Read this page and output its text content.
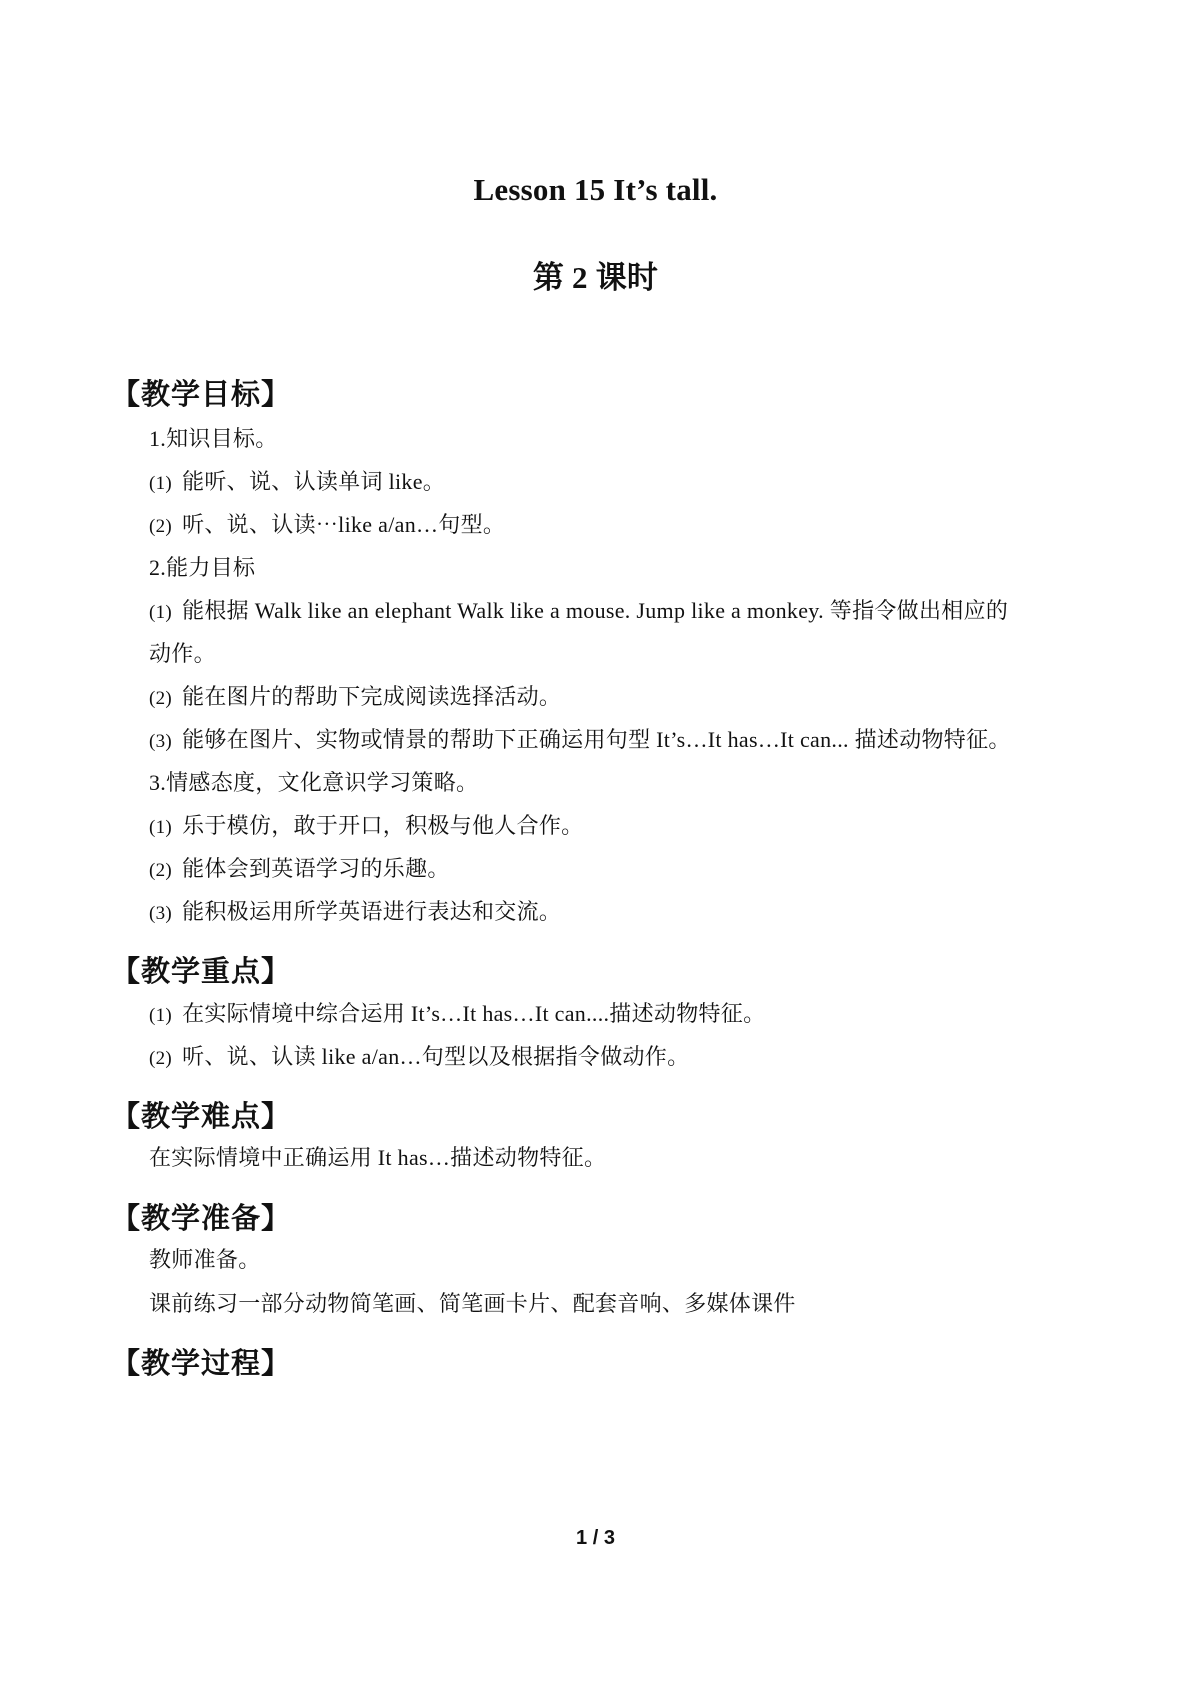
Lesson 15 It’s tall.
第 2 课时
【教学目标】
1.知识目标。
(1) 能听、说、认读单词 like。
(2) 听、说、认读⋯like a/an…句型。
2.能力目标
(1) 能根据 Walk like an elephant Walk like a mouse. Jump like a monkey. 等指令做出相应的
动作。
(2) 能在图片的帮助下完成阅读选择活动。
(3) 能够在图片、实物或情景的帮助下正确运用句型 It’s…It has…It can... 描述动物特征。
3.情感态度，文化意识学习策略。
(1) 乐于模仿，敢于开口，积极与他人合作。
(2) 能体会到英语学习的乐趣。
(3) 能积极运用所学英语进行表达和交流。
【教学重点】
(1) 在实际情境中综合运用 It’s…It has…It can....描述动物特征。
(2) 听、说、认读 like a/an…句型以及根据指令做动作。
【教学难点】
在实际情境中正确运用 It has…描述动物特征。
【教学准备】
教师准备。
课前练习一部分动物简笔画、简笔画卡片、配套音响、多媒体课件
【教学过程】
1 / 3
